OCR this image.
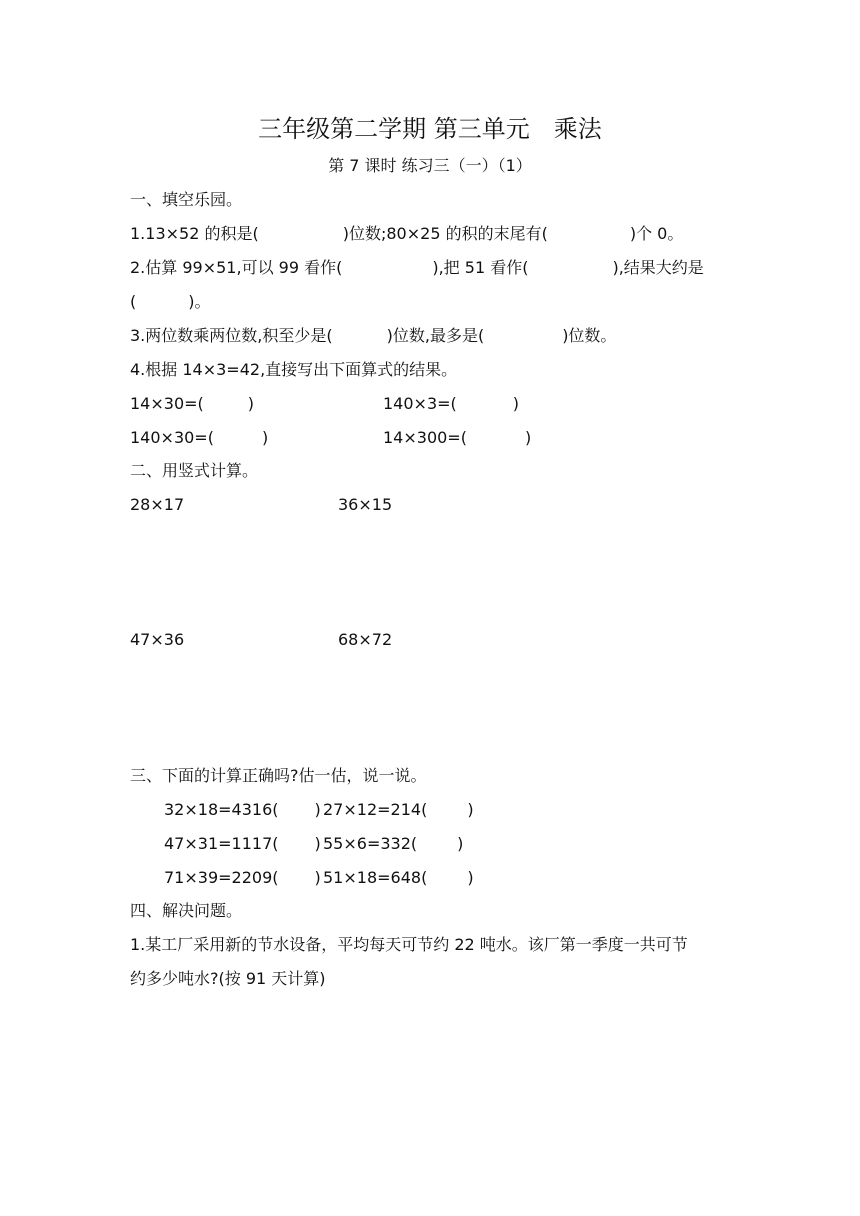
三年级第二学期 第三单元　乘法
第 7 课时 练习三（一）（1）
一、填空乐园。
1.13×52 的积是(	)位数;80×25 的积的末尾有(	)个 0。
2.估算 99×51,可以 99 看作(	),把 51 看作(	),结果大约是
(	)。
3.两位数乘两位数,积至少是(	)位数,最多是(	)位数。
4.根据 14×3=42,直接写出下面算式的结果。
14×30=(	)	140×3=(	)
140×30=(	)	14×300=(	)
二、用竖式计算。
28×17	36×15
47×36	68×72
三、下面的计算正确吗?估一估，说一说。
32×18=4316( ) 27×12=214(	)
47×31=1117( ) 55×6=332(	)
71×39=2209( ) 51×18=648(	)
四、解决问题。
1.某工厂采用新的节水设备，平均每天可节约 22 吨水。该厂第一季度一共可节
约多少吨水?(按 91 天计算)
